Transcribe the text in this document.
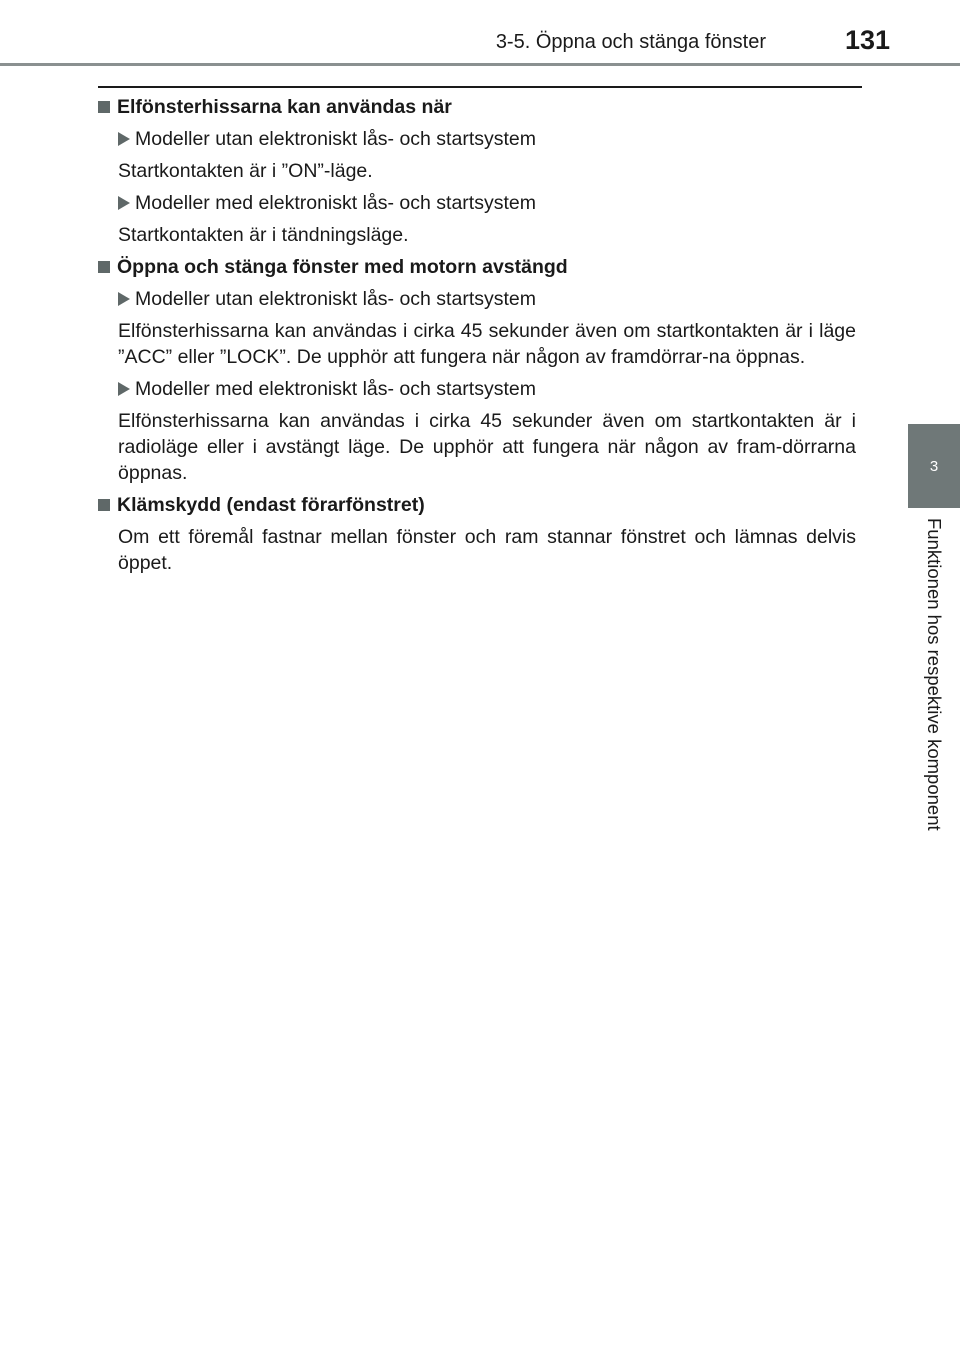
3-5. Öppna och stänga fönster	131
3
Funktionen hos respektive komponent
Elfönsterhissarna kan användas när
Modeller utan elektroniskt lås- och startsystem
Startkontakten är i ”ON”-läge.
Modeller med elektroniskt lås- och startsystem
Startkontakten är i tändningsläge.
Öppna och stänga fönster med motorn avstängd
Modeller utan elektroniskt lås- och startsystem
Elfönsterhissarna kan användas i cirka 45 sekunder även om startkontakten är i läge ”ACC” eller ”LOCK”. De upphör att fungera när någon av framdörrar-na öppnas.
Modeller med elektroniskt lås- och startsystem
Elfönsterhissarna kan användas i cirka 45 sekunder även om startkontakten är i radioläge eller i avstängt läge. De upphör att fungera när någon av fram-dörrarna öppnas.
Klämskydd (endast förarfönstret)
Om ett föremål fastnar mellan fönster och ram stannar fönstret och lämnas delvis öppet.
